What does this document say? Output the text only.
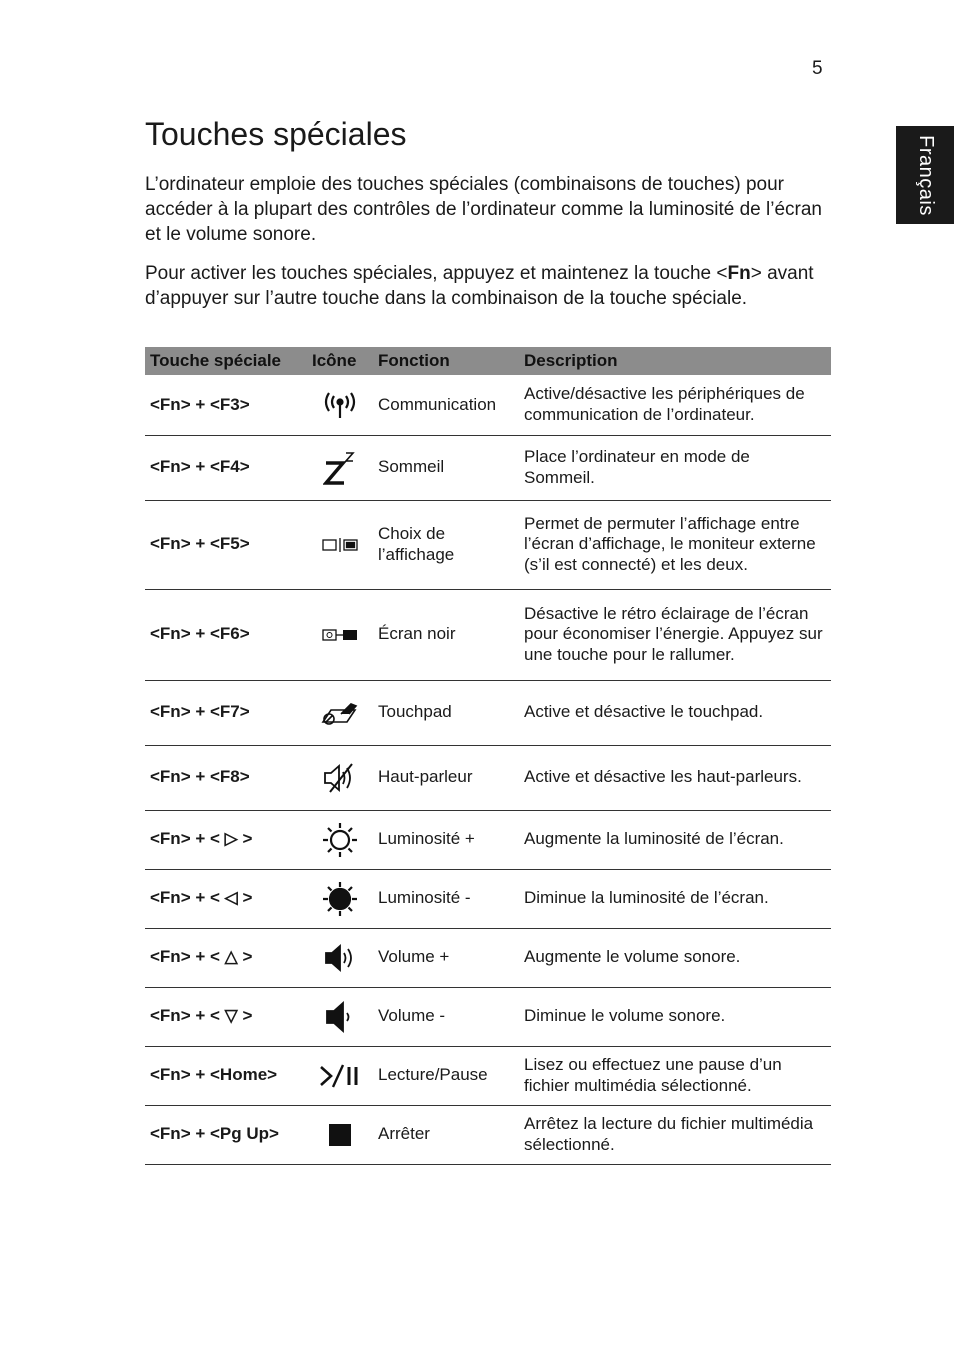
5
Français
Touches spéciales

L’ordinateur emploie des touches spéciales (combinaisons de touches) pour accéder à la plupart des contrôles de l’ordinateur comme la luminosité de l’écran et le volume sonore.

Pour activer les touches spéciales, appuyez et maintenez la touche <Fn> avant d’appuyer sur l’autre touche dans la combinaison de la touche spéciale.

Touche spéciale	Icône	Fonction	Description
<Fn> + <F3>		Communication	Active/désactive les périphériques de communication de l’ordinateur.
<Fn> + <F4>		Sommeil	Place l’ordinateur en mode de Sommeil.
<Fn> + <F5>		Choix de l’affichage	Permet de permuter l’affichage entre l’écran d’affichage, le moniteur externe (s’il est connecté) et les deux.
<Fn> + <F6>		Écran noir	Désactive le rétro éclairage de l’écran pour économiser l’énergie. Appuyez sur une touche pour le rallumer.
<Fn> + <F7>		Touchpad	Active et désactive le touchpad.
<Fn> + <F8>		Haut-parleur	Active et désactive les haut-parleurs.
<Fn> + < ▷ >		Luminosité +	Augmente la luminosité de l’écran.
<Fn> + < ◁ >		Luminosité -	Diminue la luminosité de l’écran.
<Fn> + < △ >		Volume +	Augmente le volume sonore.
<Fn> + < ▽ >		Volume -	Diminue le volume sonore.
<Fn> + <Home>		Lecture/Pause	Lisez ou effectuez une pause d’un fichier multimédia sélectionné.
<Fn> + <Pg Up>		Arrêter	Arrêtez la lecture du fichier multimédia sélectionné.
